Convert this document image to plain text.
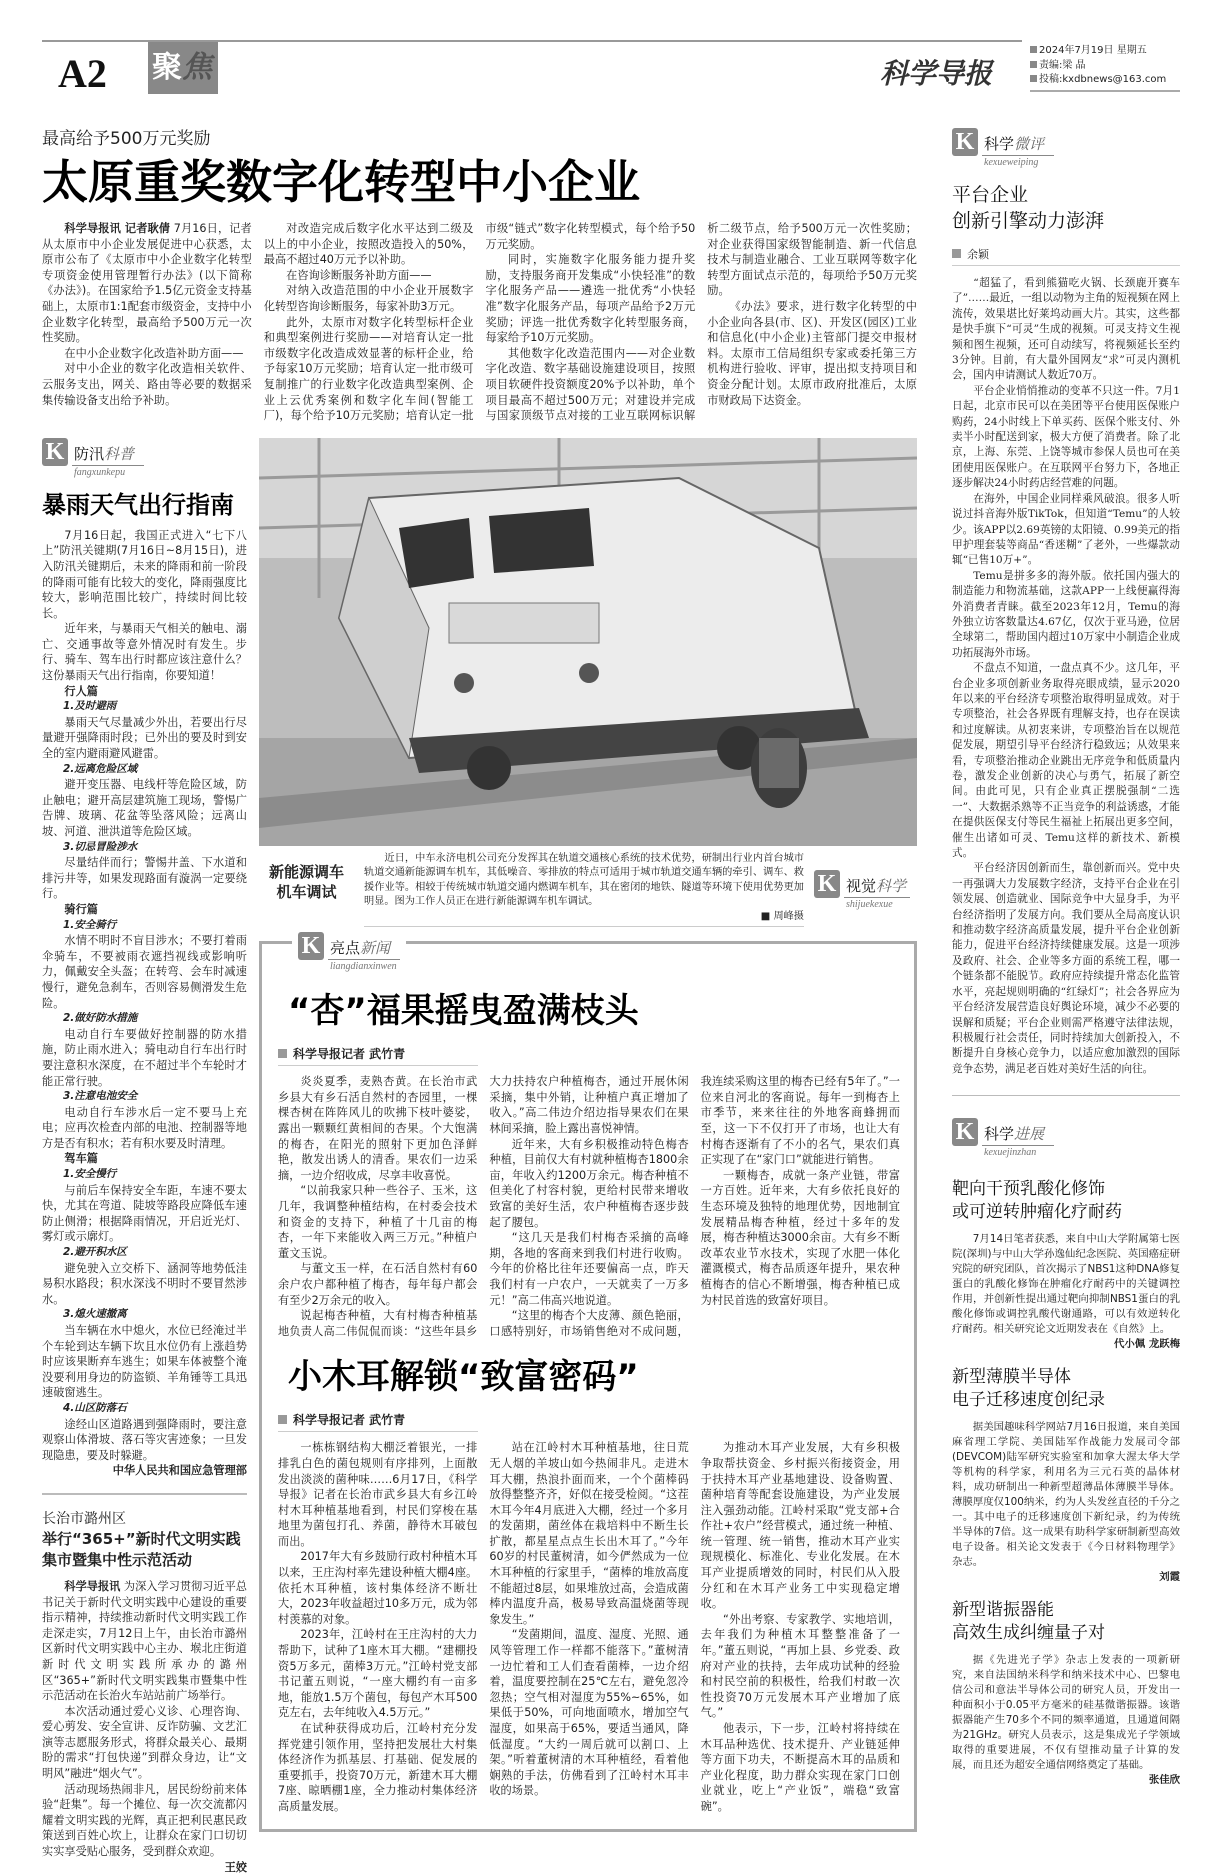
A2 聚焦	科学导报
2024年7月19日 星期五
责编:梁 晶
投稿:kxdbnews@163.com
最高给予500万元奖励
太原重奖数字化转型中小企业

科学导报讯 记者耿倩 7月16日，记者从太原市中小企业发展促进中心获悉，太原市公布了《太原市中小企业数字化转型专项资金使用管理暂行办法》(以下简称《办法》)。在国家给予1.5亿元资金支持基础上，太原市1:1配套市级资金，支持中小企业数字化转型，最高给予500万元一次性奖励。

在中小企业数字化改造补助方面——

对中小企业的数字化改造相关软件、云服务支出，网关、路由等必要的数据采集传输设备支出给予补助。

对改造完成后数字化水平达到二级及以上的中小企业，按照改造投入的50%，最高不超过40万元予以补助。

在咨询诊断服务补助方面——

对纳入改造范围的中小企业开展数字化转型咨询诊断服务，每家补助3万元。

此外，太原市对数字化转型标杆企业和典型案例进行奖励——对培育认定一批市级数字化改造成效显著的标杆企业，给予每家10万元奖励；培育认定一批市级可复制推广的行业数字化改造典型案例、企业上云优秀案例和数字化车间(智能工厂)，每个给予10万元奖励；培育认定一批市级“链式”数字化转型模式，每个给予50万元奖励。

同时，实施数字化服务能力提升奖励，支持服务商开发集成“小快轻准”的数字化服务产品——遴选一批优秀“小快轻准”数字化服务产品，每项产品给予2万元奖励；评选一批优秀数字化转型服务商，每家给予10万元奖励。

其他数字化改造范围内——对企业数字化改造、数字基础设施建设项目，按照项目软硬件投资额度20%予以补助，单个项目最高不超过500万元；对建设并完成与国家顶级节点对接的工业互联网标识解析二级节点，给予500万元一次性奖励；对企业获得国家级智能制造、新一代信息技术与制造业融合、工业互联网等数字化转型方面试点示范的，每项给予50万元奖励。

《办法》要求，进行数字化转型的中小企业向各县(市、区)、开发区(园区)工业和信息化(中小企业)主管部门提交申报材料。太原市工信局组织专家或委托第三方机构进行验收、评审，提出拟支持项目和资金分配计划。太原市政府批准后，太原市财政局下达资金。

K 防汛科普
fangxunkepu
暴雨天气出行指南

7月16日起，我国正式进入“七下八上”防汛关键期(7月16日~8月15日)，进入防汛关键期后，未来的降雨和前一阶段的降雨可能有比较大的变化，降雨强度比较大，影响范围比较广，持续时间比较长。

近年来，与暴雨天气相关的触电、溺亡、交通事故等意外情况时有发生。步行、骑车、驾车出行时都应该注意什么？这份暴雨天气出行指南，你要知道！

行人篇

1.及时避雨

暴雨天气尽量减少外出，若要出行尽量避开强降雨时段；已外出的要及时到安全的室内避雨避风避雷。

2.远离危险区域

避开变压器、电线杆等危险区域，防止触电；避开高层建筑施工现场，警惕广告牌、玻璃、花盆等坠落风险；远离山坡、河道、泄洪道等危险区域。

3.切忌冒险涉水

尽量结伴而行；警惕井盖、下水道和排污井等，如果发现路面有漩涡一定要绕行。

骑行篇

1.安全骑行

水情不明时不盲目涉水；不要打着雨伞骑车，不要被雨衣遮挡视线或影响听力，佩戴安全头盔；在转弯、会车时减速慢行，避免急刹车，否则容易侧滑发生危险。

2.做好防水措施

电动自行车要做好控制器的防水措施，防止雨水进入；骑电动自行车出行时要注意积水深度，在不超过半个车轮时才能正常行驶。

3.注意电池安全

电动自行车涉水后一定不要马上充电；应再次检查内部的电池、控制器等地方是否有积水；若有积水要及时清理。

驾车篇

1.安全慢行

与前后车保持安全车距，车速不要太快，尤其在弯道、陡坡等路段应降低车速防止侧滑；根据降雨情况，开启近光灯、雾灯或示廓灯。

2.避开积水区

避免驶入立交桥下、涵洞等地势低洼易积水路段；积水深浅不明时不要冒然涉水。

3.熄火速撤离

当车辆在水中熄火，水位已经淹过半个车轮到达车辆下坎且水位仍有上涨趋势时应该果断弃车逃生；如果车体被整个淹没要利用身边的防盗锁、羊角锤等工具迅速破窗逃生。

4.山区防落石

途经山区道路遇到强降雨时，要注意观察山体滑坡、落石等灾害迹象；一旦发现隐患，要及时躲避。

中华人民共和国应急管理部

长治市潞州区
举行“365+”新时代文明实践
集市暨集中性示范活动

科学导报讯 为深入学习贯彻习近平总书记关于新时代文明实践中心建设的重要指示精神，持续推动新时代文明实践工作走深走实，7月12日上午，由长治市潞州区新时代文明实践中心主办、堠北庄街道新时代文明实践所承办的潞州区“365+”新时代文明实践集市暨集中性示范活动在长治火车站站前广场举行。

本次活动通过爱心义诊、心理咨询、爱心剪发、安全宣讲、反诈防骗、文艺汇演等志愿服务形式，将群众最关心、最期盼的需求“打包快递”到群众身边，让“文明风”融进“烟火气”。

活动现场热闹非凡，居民纷纷前来体验“赶集”。每一个摊位、每一次交流都闪耀着文明实践的光辉，真正把利民惠民政策送到百姓心坎上，让群众在家门口切切实实享受贴心服务，受到群众欢迎。

王姣

新能源调车
机车调试
近日，中车永济电机公司充分发挥其在轨道交通核心系统的技术优势，研制出行业内首台城市轨道交通新能源调车机车，其低噪音、零排放的特点可适用于城市轨道交通车辆的牵引、调车、救援作业等。相较于传统城市轨道交通内燃调车机车，其在密闭的地铁、隧道等环境下使用优势更加明显。图为工作人员正在进行新能源调车机车调试。
■ 周峰摄
K 视觉科学
shijuekexue
K 亮点新闻
liangdianxinwen
“杏”福果摇曳盈满枝头
科学导报记者 武竹青

炎炎夏季，麦熟杏黄。在长治市武乡县大有乡石活自然村的杏园里，一棵棵杏树在阵阵风儿的吹拂下枝叶婆娑，露出一颗颗红黄相间的杏果。个大饱满的梅杏，在阳光的照射下更加色泽鲜艳，散发出诱人的清香。果农们一边采摘，一边介绍收成，尽享丰收喜悦。

“以前我家只种一些谷子、玉米，这几年，我调整种植结构，在村委会技术和资金的支持下，种植了十几亩的梅杏，一年下来能收入两三万元。”种植户董文玉说。

与董文玉一样，在石活自然村有60余户农户都种植了梅杏，每年每户都会有至少2万余元的收入。

说起梅杏种植，大有村梅杏种植基地负责人高二伟侃侃而谈：“这些年县乡大力扶持农户种植梅杏，通过开展休闲采摘，集中外销，让种植户真正增加了收入。”高二伟边介绍边指导果农们在果林间采摘，脸上露出喜悦神情。

近年来，大有乡积极推动特色梅杏种植，目前仅大有村就种植梅杏1800余亩，年收入约1200万余元。梅杏种植不但美化了村容村貌，更给村民带来增收致富的美好生活，农户种植梅杏逐步鼓起了腰包。

“这几天是我们村梅杏采摘的高峰期，各地的客商来到我们村进行收购。今年的价格比往年还要偏高一点，昨天我们村有一户农户，一天就卖了一万多元！”高二伟高兴地说道。

“这里的梅杏个大皮薄、颜色艳丽，口感特别好，市场销售绝对不成问题，我连续采购这里的梅杏已经有5年了。”一位来自河北的客商说。每年一到梅杏上市季节，来来往往的外地客商蜂拥而至，这一下不仅打开了市场，也让大有村梅杏逐渐有了不小的名气，果农们真正实现了在“家门口”就能进行销售。

一颗梅杏，成就一条产业链，带富一方百姓。近年来，大有乡依托良好的生态环境及独特的地理优势，因地制宜发展精品梅杏种植，经过十多年的发展，梅杏种植达3000余亩。大有乡不断改革农业节水技术，实现了水肥一体化灌溉模式，梅杏品质逐年提升，果农种植梅杏的信心不断增强，梅杏种植已成为村民首选的致富好项目。

小木耳解锁“致富密码”
科学导报记者 武竹青

一栋栋钢结构大棚泛着银光，一排排乳白色的菌包规则有序排列，上面散发出淡淡的菌种味……6月17日，《科学导报》记者在长治市武乡县大有乡江岭村木耳种植基地看到，村民们穿梭在基地里为菌包打孔、养菌，静待木耳破包而出。

2017年大有乡鼓励行政村种植木耳以来，王庄沟村率先建设种植大棚4座。依托木耳种植，该村集体经济不断壮大，2023年收益超过10多万元，成为邻村羡慕的对象。

2023年，江岭村在王庄沟村的大力帮助下，试种了1座木耳大棚。“建棚投资5万多元，菌棒3万元。”江岭村党支部书记董五则说，“一座大棚约有一亩多地，能放1.5万个菌包，每包产木耳500克左右，去年纯收入4.5万元。”

在试种获得成功后，江岭村充分发挥党建引领作用，坚持把发展壮大村集体经济作为抓基层、打基础、促发展的重要抓手，投资70万元，新建木耳大棚7座、晾晒棚1座，全力推动村集体经济高质量发展。

站在江岭村木耳种植基地，往日荒无人烟的羊坡山如今热闹非凡。走进木耳大棚，热浪扑面而来，一个个菌棒码放得整整齐齐，好似在接受检阅。“这茬木耳今年4月底进入大棚，经过一个多月的发菌期，菌丝体在栽培料中不断生长扩散，都星星点点生长出木耳了。”今年60岁的村民董树清，如今俨然成为一位木耳种植的行家里手，“菌棒的堆放高度不能超过8层，如果堆放过高，会造成菌棒内温度升高，极易导致高温烧菌等现象发生。”

“发菌期间，温度、湿度、光照、通风等管理工作一样都不能落下。”董树清一边忙着和工人们查看菌棒，一边介绍着，温度要控制在25℃左右，避免忽冷忽热；空气相对湿度为55%~65%，如果低于50%，可向地面喷水，增加空气湿度，如果高于65%，要适当通风，降低湿度。“大约一周后就可以割口、上架。”听着董树清的木耳种植经，看着他娴熟的手法，仿佛看到了江岭村木耳丰收的场景。

为推动木耳产业发展，大有乡积极争取帮扶资金、乡村振兴衔接资金，用于扶持木耳产业基地建设、设备购置、菌种培育等配套设施建设，为产业发展注入强劲动能。江岭村采取“党支部+合作社+农户”经营模式，通过统一种植、统一管理、统一销售，推动木耳产业实现规模化、标准化、专业化发展。在木耳产业提质增效的同时，村民们从入股分红和在木耳产业务工中实现稳定增收。

“外出考察、专家教学、实地培训，去年我们为种植木耳整整准备了一年。”董五则说，“再加上县、乡党委、政府对产业的扶持，去年成功试种的经验和村民空前的积极性，给我们村敢一次性投资70万元发展木耳产业增加了底气。”

他表示，下一步，江岭村将持续在木耳品种选优、技术提升、产业链延伸等方面下功夫，不断提高木耳的品质和产业化程度，助力群众实现在家门口创业就业，吃上“产业饭”，端稳“致富碗”。

K 科学微评
kexueweiping
平台企业
创新引擎动力澎湃
余颖

“超猛了，看到熊猫吃火锅、长颈鹿开赛车了”……最近，一组以动物为主角的短视频在网上流传，效果堪比好莱坞动画大片。其实，这些都是快手旗下“可灵”生成的视频。可灵支持文生视频和图生视频，还可自动续写，将视频延长至约3分钟。目前，有大量外国网友“求”可灵内测机会，国内申请测试人数近70万。

平台企业悄悄推动的变革不只这一件。7月1日起，北京市民可以在美团等平台使用医保账户购药，24小时线上下单买药、医保个账支付、外卖半小时配送到家，极大方便了消费者。除了北京，上海、东莞、上饶等城市参保人员也可在美团使用医保账户。在互联网平台努力下，各地正逐步解决24小时药店经营难的问题。

在海外，中国企业同样乘风破浪。很多人听说过抖音海外版TikTok，但知道“Temu”的人较少。该APP以2.69英镑的太阳镜、0.99美元的指甲护理套装等商品“香迷糊”了老外，一些爆款动辄“已售10万+”。

Temu是拼多多的海外版。依托国内强大的制造能力和物流基础，这款APP一上线便赢得海外消费者青睐。截至2023年12月，Temu的海外独立访客数量达4.67亿，仅次于亚马逊，位居全球第二，帮助国内超过10万家中小制造企业成功拓展海外市场。

不盘点不知道，一盘点真不少。这几年，平台企业多项创新业务取得亮眼成绩，显示2020年以来的平台经济专项整治取得明显成效。对于专项整治，社会各界既有理解支持，也存在误读和过度解读。从初衷来讲，专项整治旨在以规范促发展，期望引导平台经济行稳致远；从效果来看，专项整治推动企业跳出无序竞争和低质量内卷，激发企业创新的决心与勇气，拓展了新空间。由此可见，只有企业真正摆脱强制“二选一”、大数据杀熟等不正当竞争的利益诱惑，才能在提供医保支付等民生福祉上拓展出更多空间，催生出诸如可灵、Temu这样的新技术、新模式。

平台经济因创新而生，靠创新而兴。党中央一再强调大力发展数字经济，支持平台企业在引领发展、创造就业、国际竞争中大显身手，为平台经济指明了发展方向。我们要从全局高度认识和推动数字经济高质量发展，提升平台企业创新能力，促进平台经济持续健康发展。这是一项涉及政府、社会、企业等多方面的系统工程，哪一个链条都不能脱节。政府应持续提升常态化监管水平，亮起规则明确的“红绿灯”；社会各界应为平台经济发展营造良好舆论环境，减少不必要的误解和质疑；平台企业则需严格遵守法律法规，积极履行社会责任，同时持续加大创新投入，不断提升自身核心竞争力，以适应愈加激烈的国际竞争态势，满足老百姓对美好生活的向往。

K 科学进展
kexuejinzhan
靶向干预乳酸化修饰
或可逆转肿瘤化疗耐药

7月14日笔者获悉，来自中山大学附属第七医院(深圳)与中山大学孙逸仙纪念医院、英国癌症研究院的研究团队，首次揭示了NBS1这种DNA修复蛋白的乳酸化修饰在肿瘤化疗耐药中的关键调控作用，并创新性提出通过靶向抑制NBS1蛋白的乳酸化修饰或调控乳酸代谢通路，可以有效逆转化疗耐药。相关研究论文近期发表在《自然》上。

代小佩 龙跃梅

新型薄膜半导体
电子迁移速度创纪录

据美国趣味科学网站7月16日报道，来自美国麻省理工学院、美国陆军作战能力发展司令部(DEVCOM)陆军研究实验室和加拿大渥太华大学等机构的科学家，利用名为三元石英的晶体材料，成功研制出一种新型超薄晶体薄膜半导体。薄膜厚度仅100纳米，约为人头发丝直径的千分之一。其中电子的迁移速度创下新纪录，约为传统半导体的7倍。这一成果有助科学家研制新型高效电子设备。相关论文发表于《今日材料物理学》杂志。

刘霞

新型谐振器能
高效生成纠缠量子对

据《先进光子学》杂志上发表的一项新研究，来自法国纳米科学和纳米技术中心、巴黎电信公司和意法半导体公司的研究人员，开发出一种面积小于0.05平方毫米的硅基微谐振器。该谐振器能产生70多个不同的频率通道，且通道间隔为21GHz。研究人员表示，这是集成光子学领域取得的重要进展，不仅有望推动量子计算的发展，而且还为超安全通信网络奠定了基础。

张佳欣
